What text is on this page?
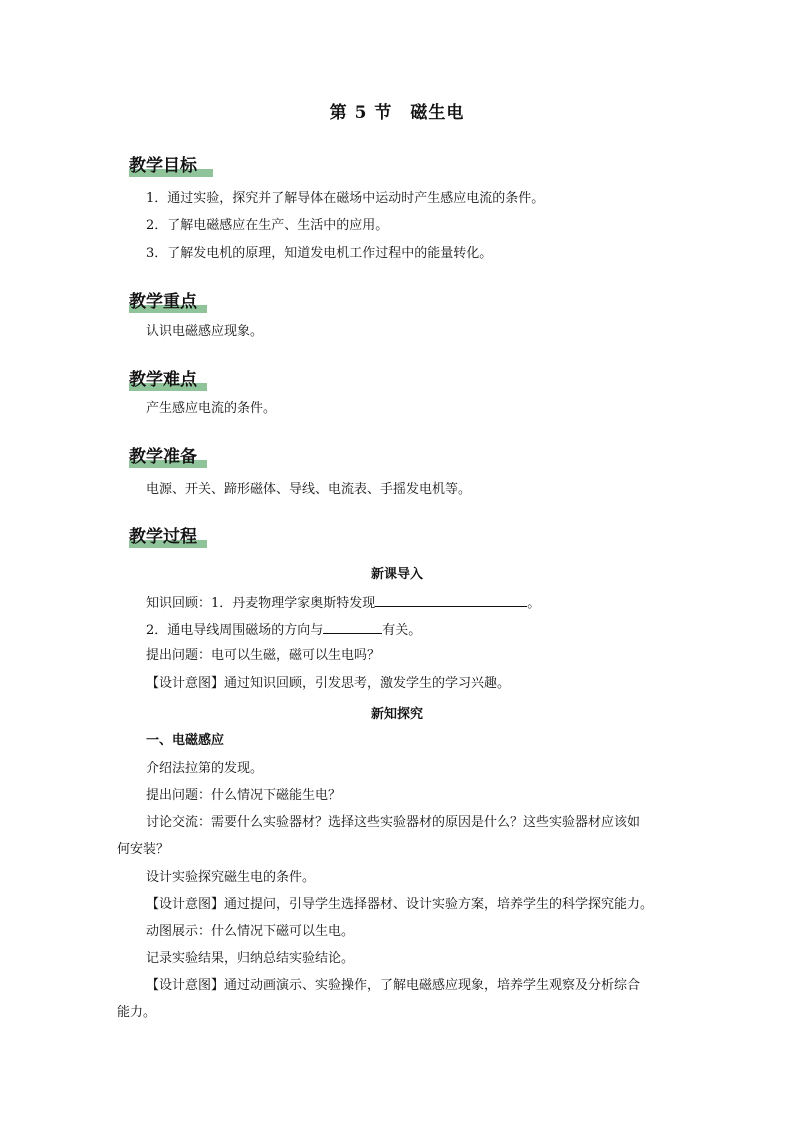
第 5 节　磁生电
教学目标
1．通过实验，探究并了解导体在磁场中运动时产生感应电流的条件。
2．了解电磁感应在生产、生活中的应用。
3．了解发电机的原理，知道发电机工作过程中的能量转化。
教学重点
认识电磁感应现象。
教学难点
产生感应电流的条件。
教学准备
电源、开关、蹄形磁体、导线、电流表、手摇发电机等。
教学过程
新课导入
知识回顾：1．丹麦物理学家奥斯特发现	。
2．通电导线周围磁场的方向与	有关。
提出问题：电可以生磁，磁可以生电吗？
【设计意图】通过知识回顾，引发思考，激发学生的学习兴趣。
新知探究
一、电磁感应
介绍法拉第的发现。
提出问题：什么情况下磁能生电？
讨论交流：需要什么实验器材？选择这些实验器材的原因是什么？这些实验器材应该如
何安装？
设计实验探究磁生电的条件。
【设计意图】通过提问，引导学生选择器材、设计实验方案，培养学生的科学探究能力。
动图展示：什么情况下磁可以生电。
记录实验结果，归纳总结实验结论。
【设计意图】通过动画演示、实验操作，了解电磁感应现象，培养学生观察及分析综合
能力。
